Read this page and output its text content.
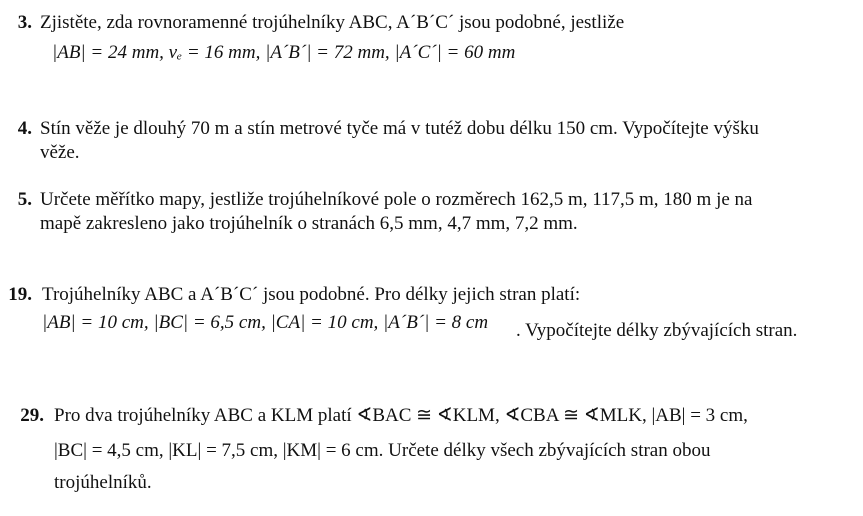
3. Zjistěte, zda rovnoramenné trojúhelníky ABC, A´B´C´ jsou podobné, jestliže
|AB| = 24 mm, vₑ = 16 mm, |A´B´| = 72 mm, |A´C´| = 60 mm
4. Stín věže je dlouhý 70 m a stín metrové tyče má v tutéž dobu délku 150 cm. Vypočítejte výšku
věže.
5. Určete měřítko mapy, jestliže trojúhelníkové pole o rozměrech 162,5 m, 117,5 m, 180 m je na
mapě zakresleno jako trojúhelník o stranách 6,5 mm, 4,7 mm, 7,2 mm.
19. Trojúhelníky ABC a A´B´C´ jsou podobné. Pro délky jejich stran platí:
|AB| = 10 cm, |BC| = 6,5 cm, |CA| = 10 cm, |A´B´| = 8 cm . Vypočítejte délky zbývajících stran.
29. Pro dva trojúhelníky ABC a KLM platí ∢BAC ≅ ∢KLM, ∢CBA ≅ ∢MLK, |AB| = 3 cm,
|BC| = 4,5 cm, |KL| = 7,5 cm, |KM| = 6 cm. Určete délky všech zbývajících stran obou
trojúhelníků.
